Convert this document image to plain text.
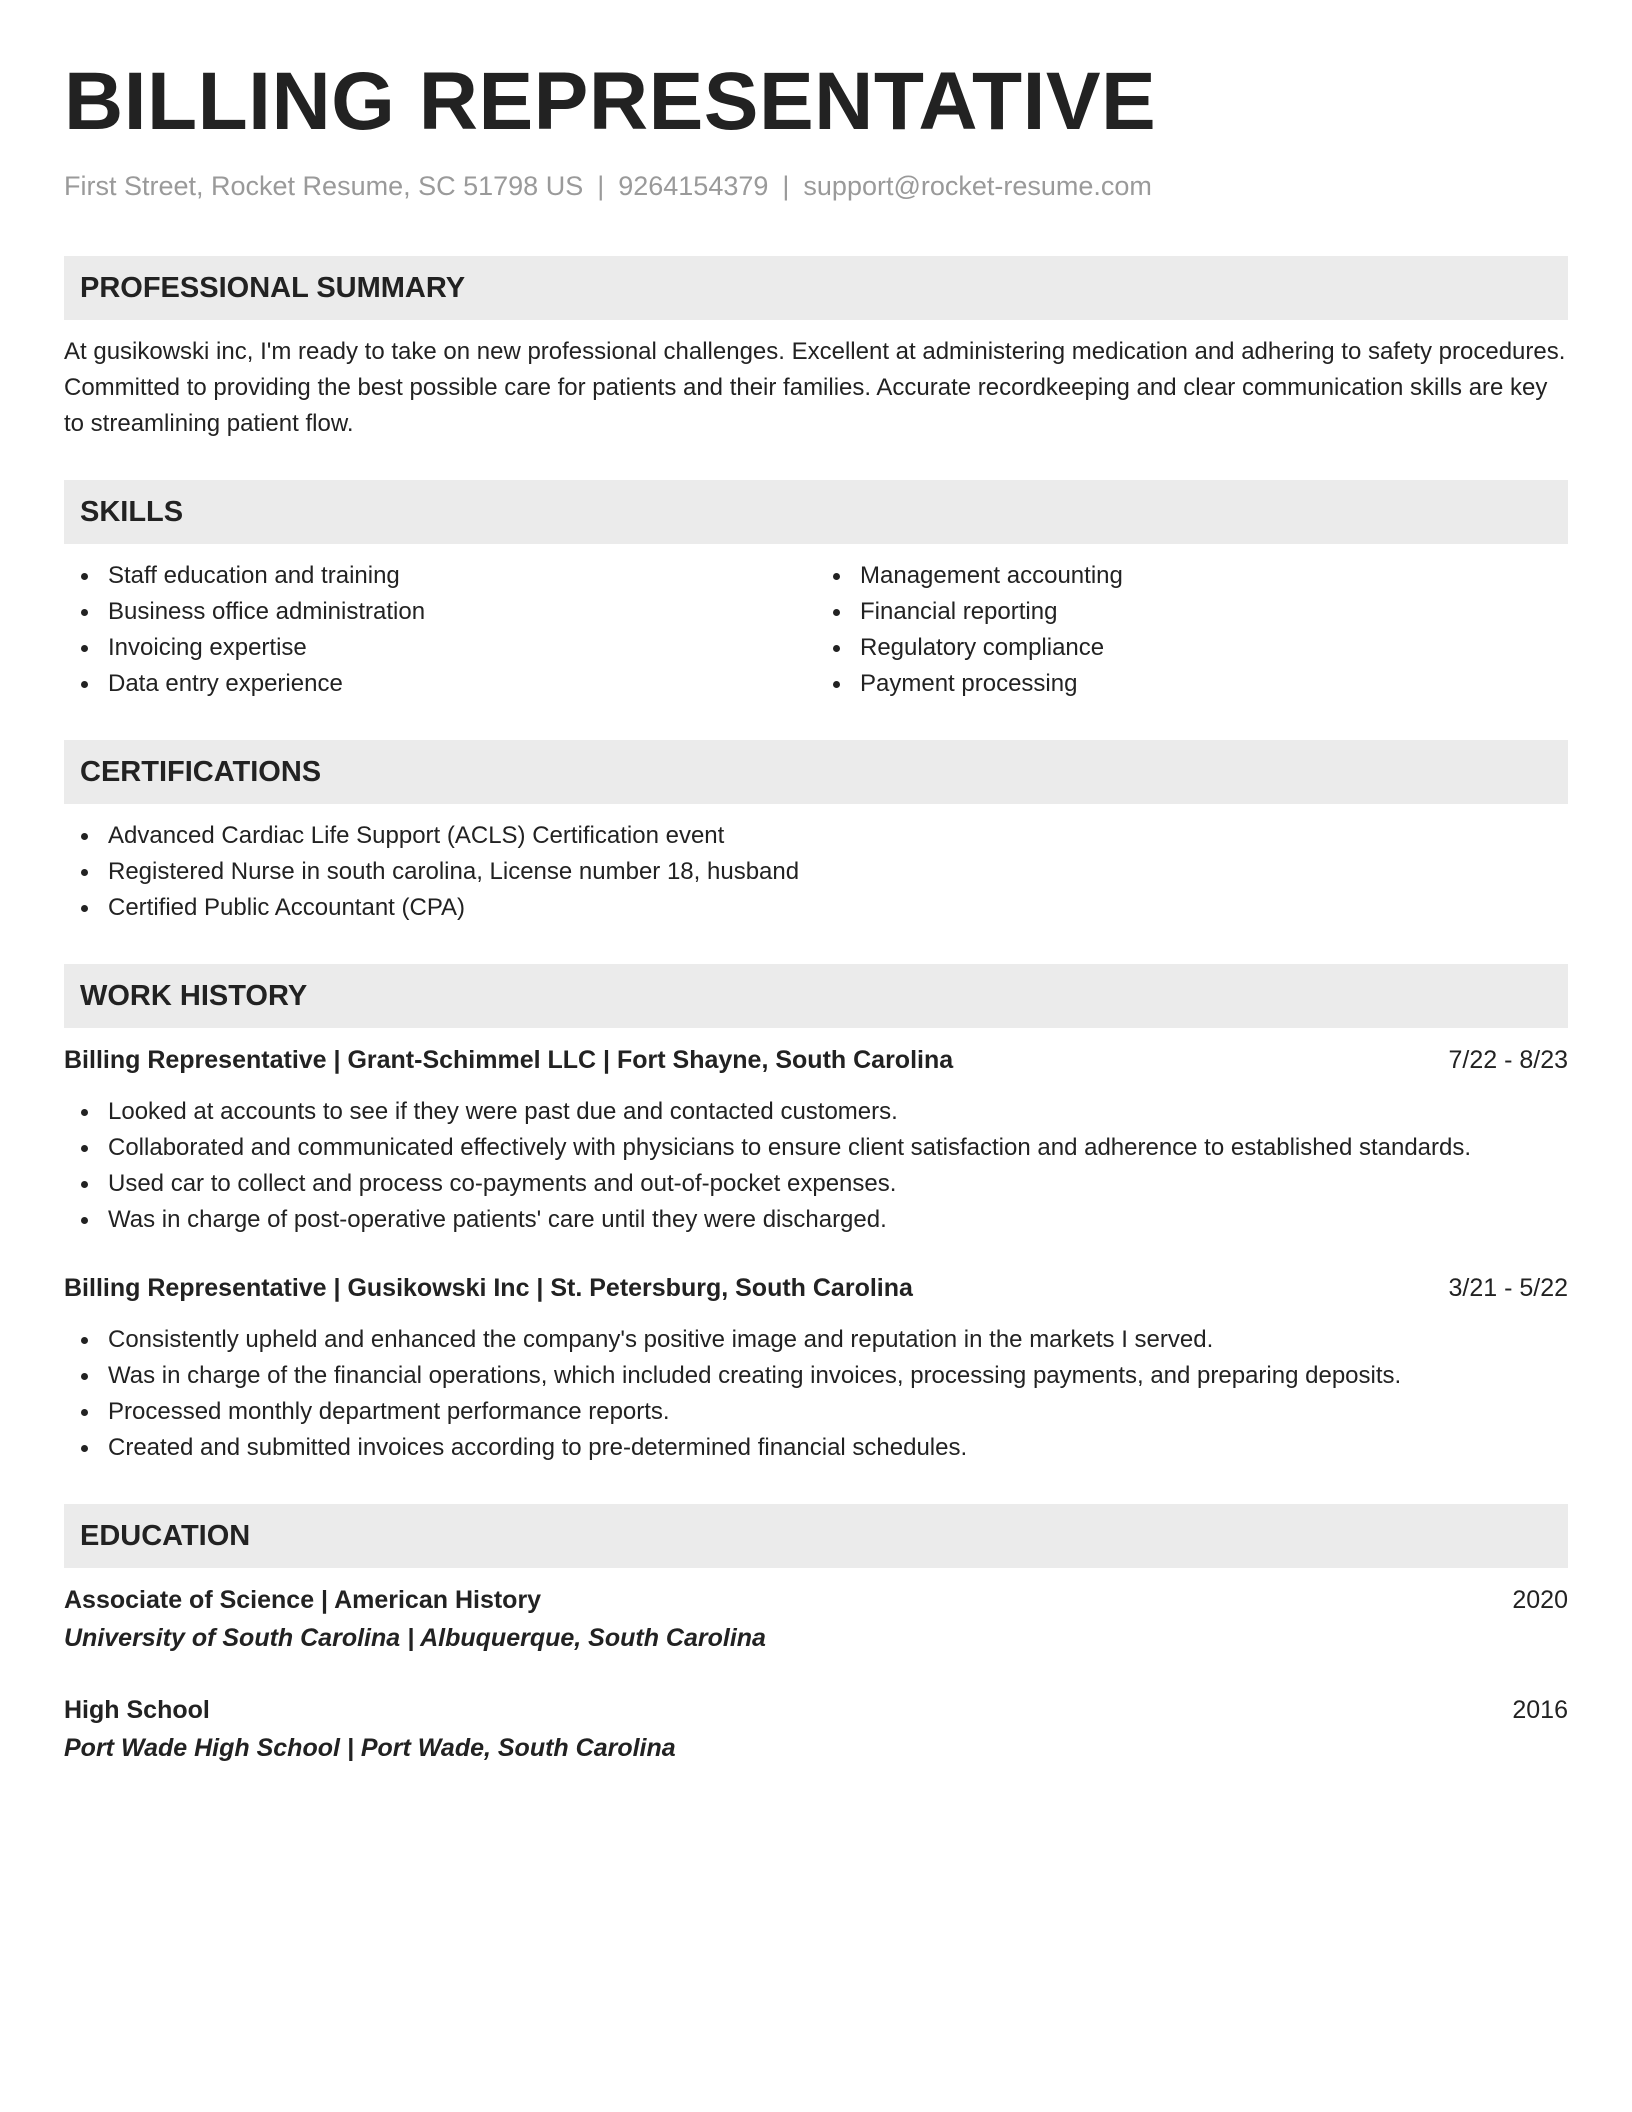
BILLING REPRESENTATIVE
First Street, Rocket Resume, SC 51798 US | 9264154379 | support@rocket-resume.com
PROFESSIONAL SUMMARY
At gusikowski inc, I'm ready to take on new professional challenges. Excellent at administering medication and adhering to safety procedures. Committed to providing the best possible care for patients and their families. Accurate recordkeeping and clear communication skills are key to streamlining patient flow.
SKILLS
Staff education and training
Business office administration
Invoicing expertise
Data entry experience
Management accounting
Financial reporting
Regulatory compliance
Payment processing
CERTIFICATIONS
Advanced Cardiac Life Support (ACLS) Certification event
Registered Nurse in south carolina, License number 18, husband
Certified Public Accountant (CPA)
WORK HISTORY
Billing Representative | Grant-Schimmel LLC | Fort Shayne, South Carolina	7/22 - 8/23
Looked at accounts to see if they were past due and contacted customers.
Collaborated and communicated effectively with physicians to ensure client satisfaction and adherence to established standards.
Used car to collect and process co-payments and out-of-pocket expenses.
Was in charge of post-operative patients' care until they were discharged.
Billing Representative | Gusikowski Inc | St. Petersburg, South Carolina	3/21 - 5/22
Consistently upheld and enhanced the company's positive image and reputation in the markets I served.
Was in charge of the financial operations, which included creating invoices, processing payments, and preparing deposits.
Processed monthly department performance reports.
Created and submitted invoices according to pre-determined financial schedules.
EDUCATION
Associate of Science | American History	2020
University of South Carolina | Albuquerque, South Carolina
High School	2016
Port Wade High School | Port Wade, South Carolina
